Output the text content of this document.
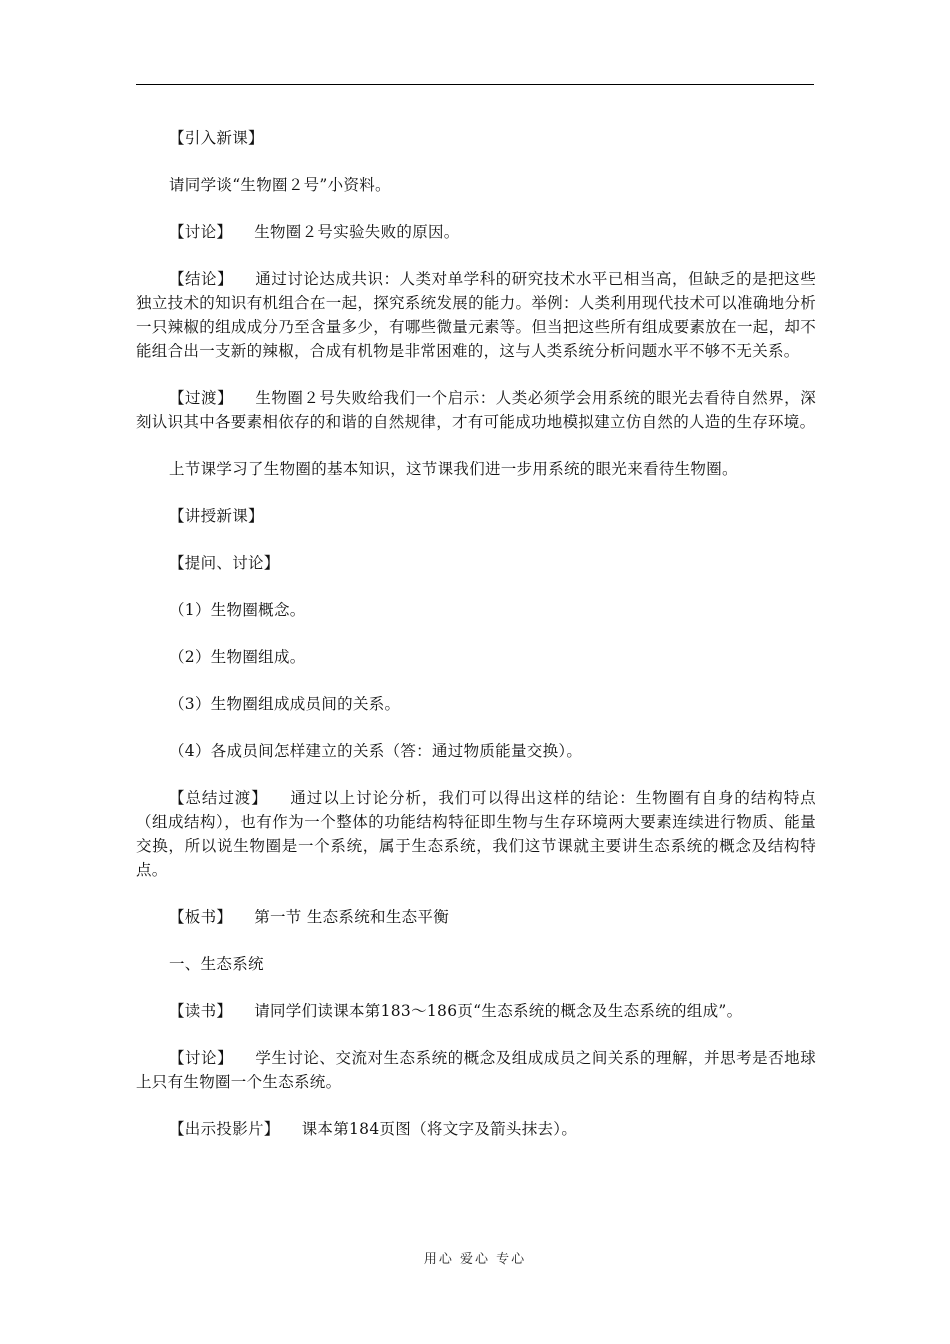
【引入新课】

请同学谈“生物圈２号”小资料。

【讨论】 生物圈２号实验失败的原因。

【结论】 通过讨论达成共识：人类对单学科的研究技术水平已相当高，但缺乏的是把这些独立技术的知识有机组合在一起，探究系统发展的能力。举例：人类利用现代技术可以准确地分析一只辣椒的组成成分乃至含量多少，有哪些微量元素等。但当把这些所有组成要素放在一起，却不能组合出一支新的辣椒，合成有机物是非常困难的，这与人类系统分析问题水平不够不无关系。

【过渡】 生物圈２号失败给我们一个启示：人类必须学会用系统的眼光去看待自然界，深刻认识其中各要素相依存的和谐的自然规律，才有可能成功地模拟建立仿自然的人造的生存环境。

上节课学习了生物圈的基本知识，这节课我们进一步用系统的眼光来看待生物圈。

【讲授新课】

【提问、讨论】

（1）生物圈概念。

（2）生物圈组成。

（3）生物圈组成成员间的关系。

（4）各成员间怎样建立的关系（答：通过物质能量交换）。

【总结过渡】 通过以上讨论分析，我们可以得出这样的结论：生物圈有自身的结构特点（组成结构），也有作为一个整体的功能结构特征即生物与生存环境两大要素连续进行物质、能量交换，所以说生物圈是一个系统，属于生态系统，我们这节课就主要讲生态系统的概念及结构特点。

【板书】 第一节 生态系统和生态平衡

一、生态系统

【读书】 请同学们读课本第183～186页“生态系统的概念及生态系统的组成”。

【讨论】 学生讨论、交流对生态系统的概念及组成成员之间关系的理解，并思考是否地球上只有生物圈一个生态系统。

【出示投影片】 课本第184页图（将文字及箭头抹去）。

用心 爱心 专心
